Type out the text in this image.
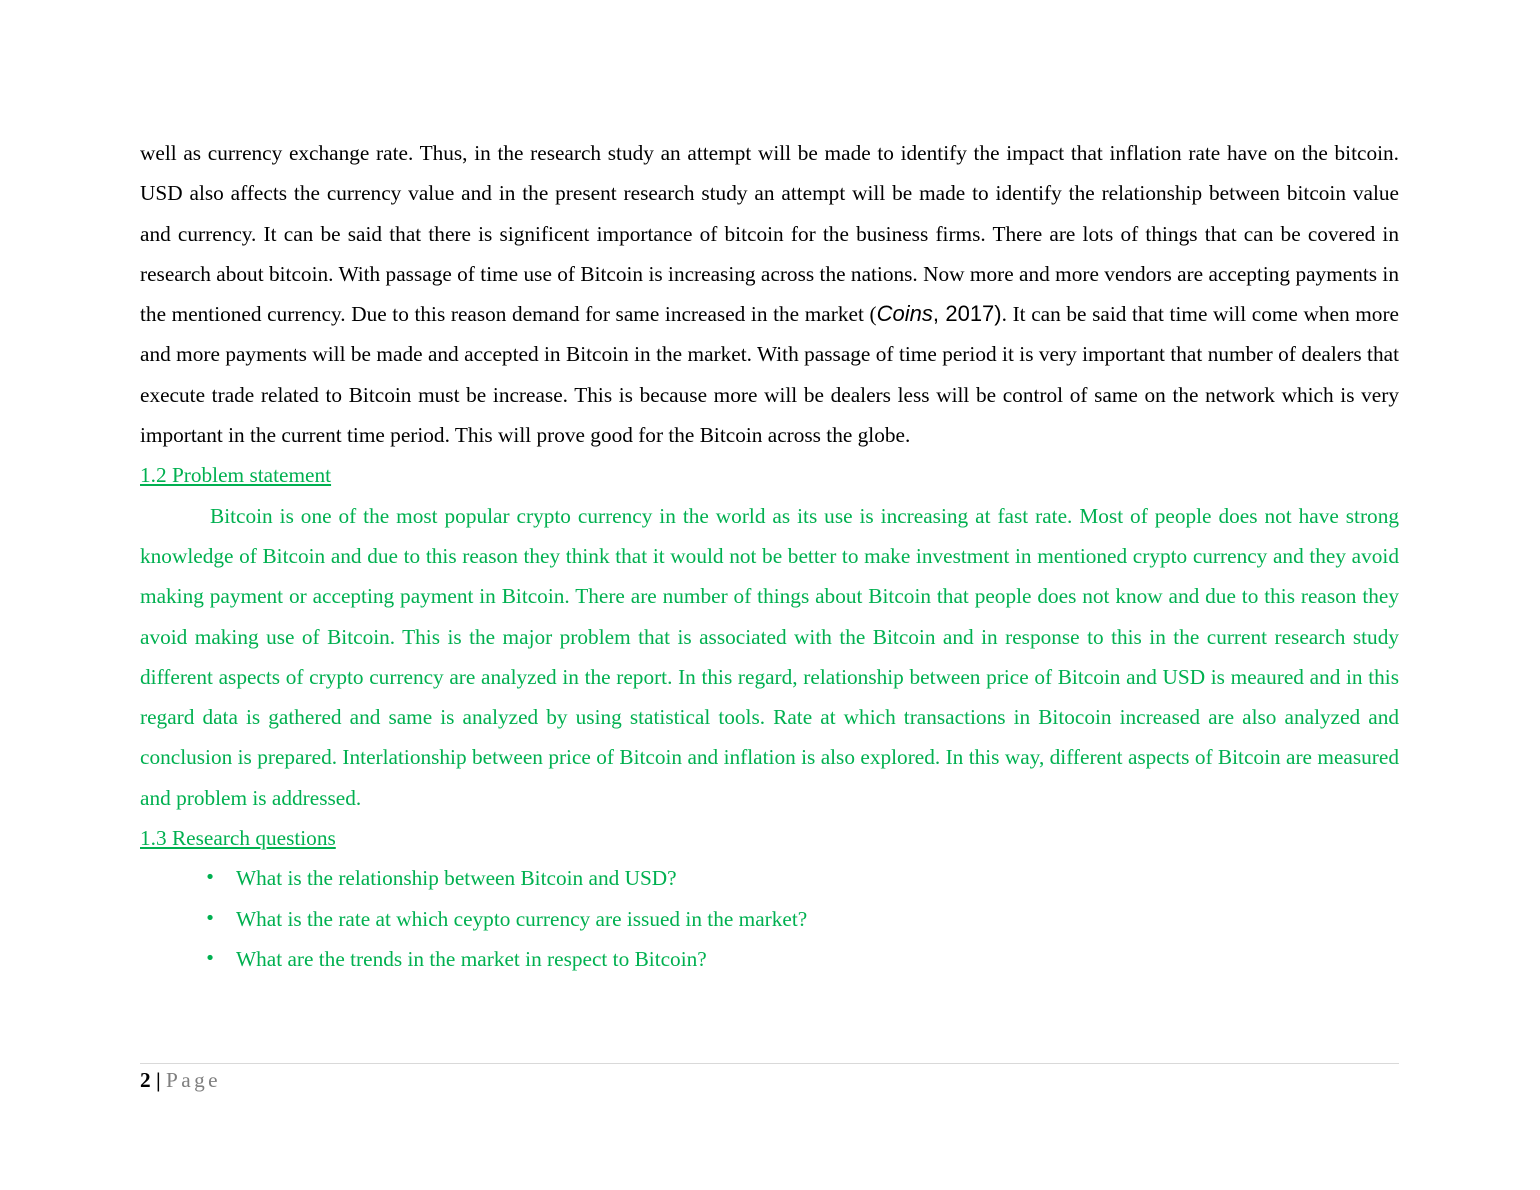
well as currency exchange rate. Thus, in the research study an attempt will be made to identify the impact that inflation rate have on the bitcoin. USD also affects the currency value and in the present research study an attempt will be made to identify the relationship between bitcoin value and currency. It can be said that there is significent importance of bitcoin for the business firms. There are lots of things that can be covered in research about bitcoin. With passage of time use of Bitcoin is increasing across the nations. Now more and more vendors are accepting payments in the mentioned currency. Due to this reason demand for same increased in the market (Coins, 2017). It can be said that time will come when more and more payments will be made and accepted in Bitcoin in the market. With passage of time period it is very important that number of dealers that execute trade related to Bitcoin must be increase. This is because more will be dealers less will be control of same on the network which is very important in the current time period. This will prove good for the Bitcoin across the globe.

1.2 Problem statement

Bitcoin is one of the most popular crypto currency in the world as its use is increasing at fast rate. Most of people does not have strong knowledge of Bitcoin and due to this reason they think that it would not be better to make investment in mentioned crypto currency and they avoid making payment or accepting payment in Bitcoin. There are number of things about Bitcoin that people does not know and due to this reason they avoid making use of Bitcoin. This is the major problem that is associated with the Bitcoin and in response to this in the current research study different aspects of crypto currency are analyzed in the report. In this regard, relationship between price of Bitcoin and USD is meaured and in this regard data is gathered and same is analyzed by using statistical tools. Rate at which transactions in Bitocoin increased are also analyzed and conclusion is prepared. Interlationship between price of Bitcoin and inflation is also explored. In this way, different aspects of Bitcoin are measured and problem is addressed.

1.3 Research questions

• What is the relationship between Bitcoin and USD?
• What is the rate at which ceypto currency are issued in the market?
• What are the trends in the market in respect to Bitcoin?
2 | Page
